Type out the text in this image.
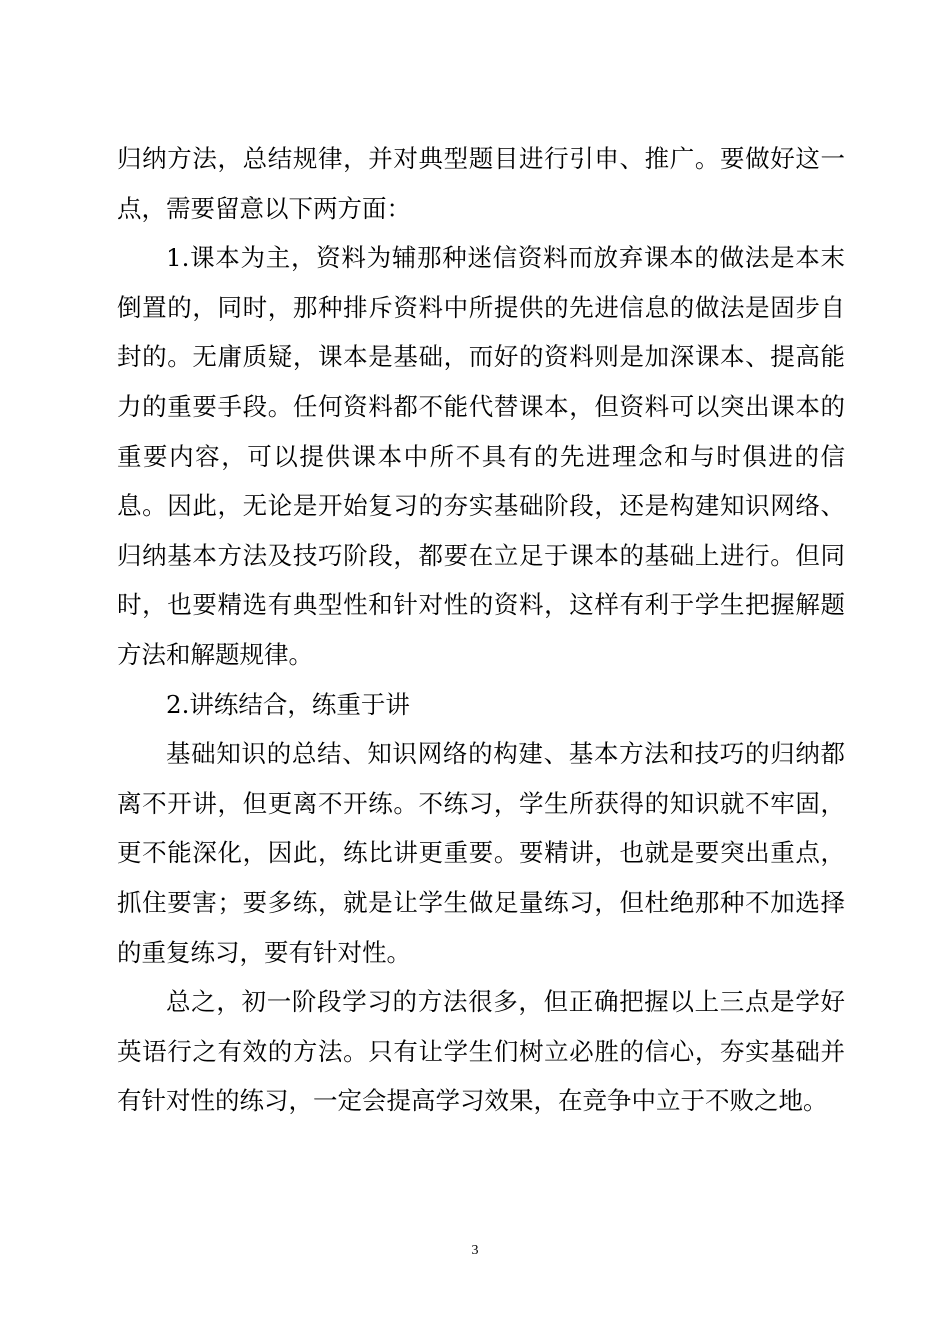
归纳方法，总结规律，并对典型题目进行引申、推广。要做好这一点，需要留意以下两方面：

1.课本为主，资料为辅那种迷信资料而放弃课本的做法是本末倒置的，同时，那种排斥资料中所提供的先进信息的做法是固步自封的。无庸质疑，课本是基础，而好的资料则是加深课本、提高能力的重要手段。任何资料都不能代替课本，但资料可以突出课本的重要内容，可以提供课本中所不具有的先进理念和与时俱进的信息。因此，无论是开始复习的夯实基础阶段，还是构建知识网络、归纳基本方法及技巧阶段，都要在立足于课本的基础上进行。但同时，也要精选有典型性和针对性的资料，这样有利于学生把握解题方法和解题规律。

2.讲练结合，练重于讲

基础知识的总结、知识网络的构建、基本方法和技巧的归纳都离不开讲，但更离不开练。不练习，学生所获得的知识就不牢固，更不能深化，因此，练比讲更重要。要精讲，也就是要突出重点，抓住要害；要多练，就是让学生做足量练习，但杜绝那种不加选择的重复练习，要有针对性。

总之，初一阶段学习的方法很多，但正确把握以上三点是学好英语行之有效的方法。只有让学生们树立必胜的信心，夯实基础并有针对性的练习，一定会提高学习效果，在竞争中立于不败之地。

3
